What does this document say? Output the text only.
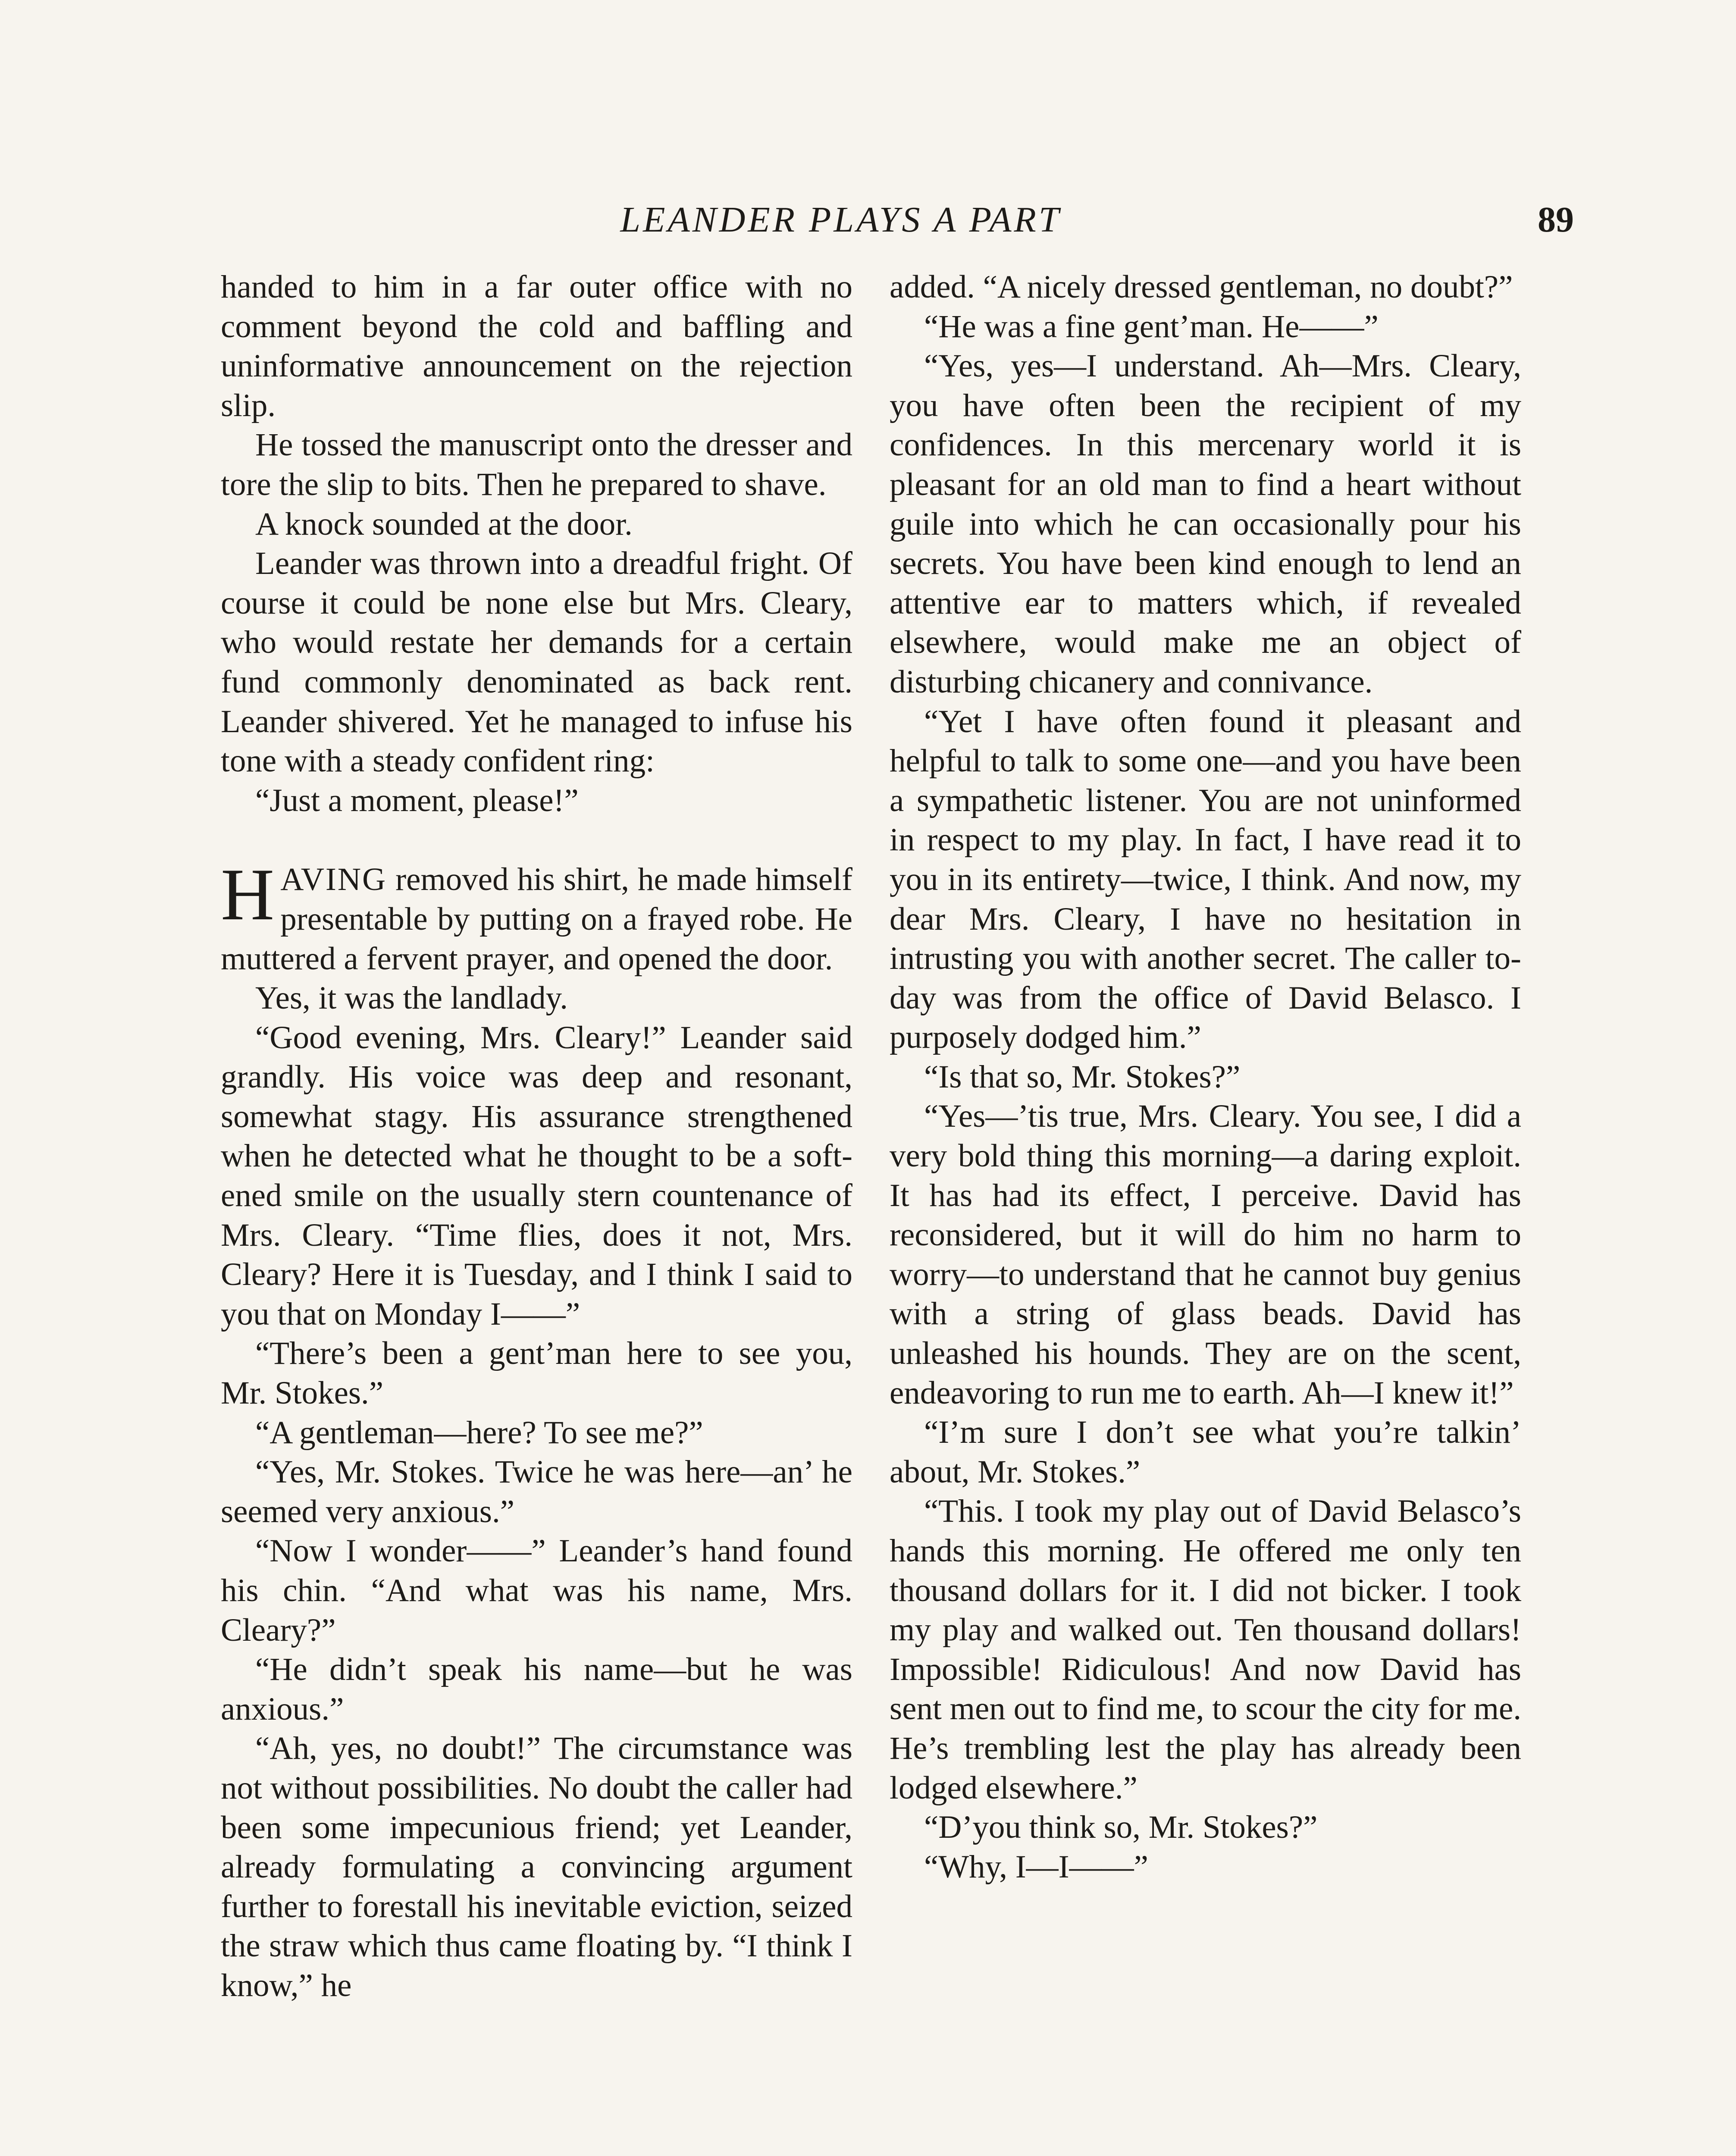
LEANDER PLAYS A PART	89

handed to him in a far outer office with no comment beyond the cold and baffling and uninformative announcement on the rejection slip.

He tossed the manuscript onto the dresser and tore the slip to bits. Then he prepared to shave.

A knock sounded at the door.

Leander was thrown into a dreadful fright. Of course it could be none else but Mrs. Cleary, who would restate her demands for a certain fund commonly denominated as back rent. Leander shivered. Yet he managed to infuse his tone with a steady confident ring:

“Just a moment, please!”

HAVING removed his shirt, he made himself presentable by putting on a frayed robe. He muttered a fervent prayer, and opened the door.

Yes, it was the landlady.

“Good evening, Mrs. Cleary!” Leander said grandly. His voice was deep and resonant, somewhat stagy. His assurance strengthened when he detected what he thought to be a softened smile on the usually stern countenance of Mrs. Cleary. “Time flies, does it not, Mrs. Cleary? Here it is Tuesday, and I think I said to you that on Monday I——”

“There’s been a gent’man here to see you, Mr. Stokes.”

“A gentleman—here? To see me?”

“Yes, Mr. Stokes. Twice he was here—an’ he seemed very anxious.”

“Now I wonder——” Leander’s hand found his chin. “And what was his name, Mrs. Cleary?”

“He didn’t speak his name—but he was anxious.”

“Ah, yes, no doubt!” The circumstance was not without possibilities. No doubt the caller had been some impecunious friend; yet Leander, already formulating a convincing argument further to forestall his inevitable eviction, seized the straw which thus came floating by. “I think I know,” he

added. “A nicely dressed gentleman, no doubt?”

“He was a fine gent’man. He——”

“Yes, yes—I understand. Ah—Mrs. Cleary, you have often been the recipient of my confidences. In this mercenary world it is pleasant for an old man to find a heart without guile into which he can occasionally pour his secrets. You have been kind enough to lend an attentive ear to matters which, if revealed elsewhere, would make me an object of disturbing chicanery and connivance.

“Yet I have often found it pleasant and helpful to talk to some one—and you have been a sympathetic listener. You are not uninformed in respect to my play. In fact, I have read it to you in its entirety—twice, I think. And now, my dear Mrs. Cleary, I have no hesitation in intrusting you with another secret. The caller to-day was from the office of David Belasco. I purposely dodged him.”

“Is that so, Mr. Stokes?”

“Yes—’tis true, Mrs. Cleary. You see, I did a very bold thing this morning—a daring exploit. It has had its effect, I perceive. David has reconsidered, but it will do him no harm to worry—to understand that he cannot buy genius with a string of glass beads. David has unleashed his hounds. They are on the scent, endeavoring to run me to earth. Ah—I knew it!”

“I’m sure I don’t see what you’re talkin’ about, Mr. Stokes.”

“This. I took my play out of David Belasco’s hands this morning. He offered me only ten thousand dollars for it. I did not bicker. I took my play and walked out. Ten thousand dollars! Impossible! Ridiculous! And now David has sent men out to find me, to scour the city for me. He’s trembling lest the play has already been lodged elsewhere.”

“D’you think so, Mr. Stokes?”

“Why, I—I——”
